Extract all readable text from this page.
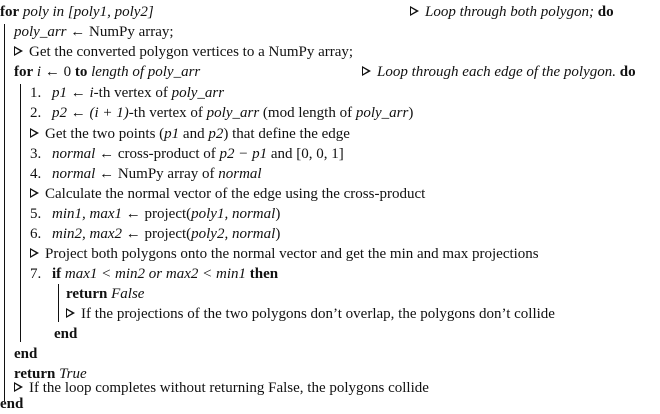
for poly in [poly1, poly2]	Loop through both polygon; do
poly_arr ← NumPy array;
Get the converted polygon vertices to a NumPy array;
for i ← 0 to length of poly_arr	Loop through each edge of the polygon. do
1. p1 ← i-th vertex of poly_arr
2. p2 ← (i + 1)-th vertex of poly_arr (mod length of poly_arr)
Get the two points (p1 and p2) that define the edge
3. normal ← cross-product of p2 − p1 and [0, 0, 1]
4. normal ← NumPy array of normal
Calculate the normal vector of the edge using the cross-product
5. min1, max1 ← project(poly1, normal)
6. min2, max2 ← project(poly2, normal)
Project both polygons onto the normal vector and get the min and max projections
7. if max1 < min2 or max2 < min1 then
return False
If the projections of the two polygons don’t overlap, the polygons don’t collide
end
end
return True
If the loop completes without returning False, the polygons collide
end
